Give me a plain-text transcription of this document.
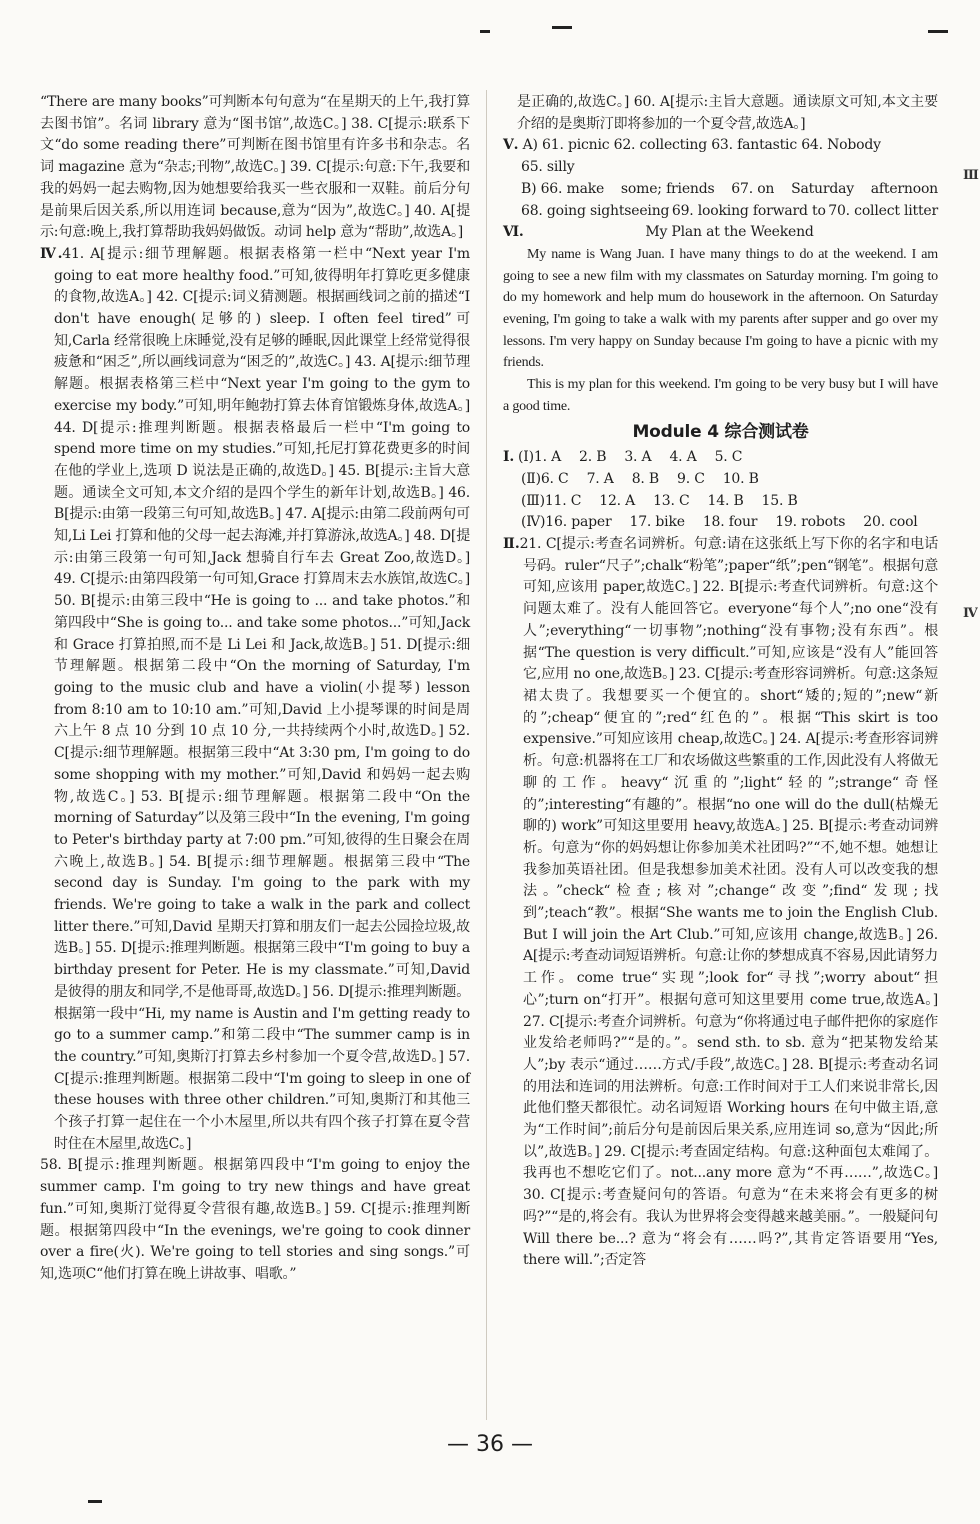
Ⅲ
Ⅳ

“There are many books”可判断本句句意为“在星期天的上午,我打算去图书馆”。名词 library 意为“图书馆”,故选C。] 38. C[提示:联系下文“do some reading there”可判断在图书馆里有许多书和杂志。名词 magazine 意为“杂志;刊物”,故选C。] 39. C[提示:句意:下午,我要和我的妈妈一起去购物,因为她想要给我买一些衣服和一双鞋。前后分句是前果后因关系,所以用连词 because,意为“因为”,故选C。] 40. A[提示:句意:晚上,我打算帮助我妈妈做饭。动词 help 意为“帮助”,故选A。]

Ⅳ.41. A[提示:细节理解题。根据表格第一栏中“Next year I'm going to eat more healthy food.”可知,彼得明年打算吃更多健康的食物,故选A。] 42. C[提示:词义猜测题。根据画线词之前的描述“I don't have enough(足够的) sleep. I often feel tired”可知,Carla 经常很晚上床睡觉,没有足够的睡眠,因此课堂上经常觉得很疲惫和“困乏”,所以画线词意为“困乏的”,故选C。] 43. A[提示:细节理解题。根据表格第三栏中“Next year I'm going to the gym to exercise my body.”可知,明年鲍勃打算去体育馆锻炼身体,故选A。] 44. D[提示:推理判断题。根据表格最后一栏中“I'm going to spend more time on my studies.”可知,托尼打算花费更多的时间在他的学业上,选项 D 说法是正确的,故选D。] 45. B[提示:主旨大意题。通读全文可知,本文介绍的是四个学生的新年计划,故选B。] 46. B[提示:由第一段第三句可知,故选B。] 47. A[提示:由第二段前两句可知,Li Lei 打算和他的父母一起去海滩,并打算游泳,故选A。] 48. D[提示:由第三段第一句可知,Jack 想骑自行车去 Great Zoo,故选D。] 49. C[提示:由第四段第一句可知,Grace 打算周末去水族馆,故选C。] 50. B[提示:由第三段中“He is going to ... and take photos.”和第四段中“She is going to... and take some photos...”可知,Jack 和 Grace 打算拍照,而不是 Li Lei 和 Jack,故选B。] 51. D[提示:细节理解题。根据第二段中“On the morning of Saturday, I'm going to the music club and have a violin(小提琴) lesson from 8:10 am to 10:10 am.”可知,David 上小提琴课的时间是周六上午 8 点 10 分到 10 点 10 分,一共持续两个小时,故选D。] 52. C[提示:细节理解题。根据第三段中“At 3:30 pm, I'm going to do some shopping with my mother.”可知,David 和妈妈一起去购物,故选C。] 53. B[提示:细节理解题。根据第二段中“On the morning of Saturday”以及第三段中“In the evening, I'm going to Peter's birthday party at 7:00 pm.”可知,彼得的生日聚会在周六晚上,故选B。] 54. B[提示:细节理解题。根据第三段中“The second day is Sunday. I'm going to the park with my friends. We're going to take a walk in the park and collect litter there.”可知,David 星期天打算和朋友们一起去公园捡垃圾,故选B。] 55. D[提示:推理判断题。根据第三段中“I'm going to buy a birthday present for Peter. He is my classmate.”可知,David 是彼得的朋友和同学,不是他哥哥,故选D。] 56. D[提示:推理判断题。根据第一段中“Hi, my name is Austin and I'm getting ready to go to a summer camp.”和第二段中“The summer camp is in the country.”可知,奥斯汀打算去乡村参加一个夏令营,故选D。] 57. C[提示:推理判断题。根据第二段中“I'm going to sleep in one of these houses with three other children.”可知,奥斯汀和其他三个孩子打算一起住在一个小木屋里,所以共有四个孩子打算在夏令营时住在木屋里,故选C。]

58. B[提示:推理判断题。根据第四段中“I'm going to enjoy the summer camp. I'm going to try new things and have great fun.”可知,奥斯汀觉得夏令营很有趣,故选B。] 59. C[提示:推理判断题。根据第四段中“In the evenings, we're going to cook dinner over a fire(火). We're going to tell stories and sing songs.”可知,选项C“他们打算在晚上讲故事、唱歌。”

是正确的,故选C。] 60. A[提示:主旨大意题。通读原文可知,本文主要介绍的是奥斯汀即将参加的一个夏令营,故选A。]

Ⅴ. A) 61. picnic 62. collecting 63. fantastic 64. Nobody
65. silly
B) 66. make some; friends 67. on Saturday afternoon
68. going sightseeing 69. looking forward to 70. collect litter
Ⅵ.	My Plan at the Weekend

My name is Wang Juan. I have many things to do at the weekend. I am going to see a new film with my classmates on Saturday morning. I'm going to do my homework and help mum do housework in the afternoon. On Saturday evening, I'm going to take a walk with my parents after supper and go over my lessons. I'm very happy on Sunday because I'm going to have a picnic with my friends.

This is my plan for this weekend. I'm going to be very busy but I will have a good time.

Module 4 综合测试卷
Ⅰ. (Ⅰ)1. A 2. B 3. A 4. A 5. C
(Ⅱ)6. C 7. A 8. B 9. C 10. B
(Ⅲ)11. C 12. A 13. C 14. B 15. B
(Ⅳ)16. paper 17. bike 18. four 19. robots 20. cool

Ⅱ.21. C[提示:考查名词辨析。句意:请在这张纸上写下你的名字和电话号码。ruler“尺子”;chalk“粉笔”;paper“纸”;pen“钢笔”。根据句意可知,应该用 paper,故选C。] 22. B[提示:考查代词辨析。句意:这个问题太难了。没有人能回答它。everyone“每个人”;no one“没有人”;everything“一切事物”;nothing“没有事物;没有东西”。根据“The question is very difficult.”可知,应该是“没有人”能回答它,应用 no one,故选B。] 23. C[提示:考查形容词辨析。句意:这条短裙太贵了。我想要买一个便宜的。short“矮的;短的”;new“新的”;cheap“便宜的”;red“红色的”。根据“This skirt is too expensive.”可知应该用 cheap,故选C。] 24. A[提示:考查形容词辨析。句意:机器将在工厂和农场做这些繁重的工作,因此没有人将做无聊的工作。heavy“沉重的”;light“轻的”;strange“奇怪的”;interesting“有趣的”。根据“no one will do the dull(枯燥无聊的) work”可知这里要用 heavy,故选A。] 25. B[提示:考查动词辨析。句意为“你的妈妈想让你参加美术社团吗?”“不,她不想。她想让我参加英语社团。但是我想参加美术社团。没有人可以改变我的想法。”check“检查;核对”;change“改变”;find“发现;找到”;teach“教”。根据“She wants me to join the English Club. But I will join the Art Club.”可知,应该用 change,故选B。] 26. A[提示:考查动词短语辨析。句意:让你的梦想成真不容易,因此请努力工作。come true“实现”;look for“寻找”;worry about“担心”;turn on“打开”。根据句意可知这里要用 come true,故选A。] 27. C[提示:考查介词辨析。句意为“你将通过电子邮件把你的家庭作业发给老师吗?”“是的。”。send sth. to sb. 意为“把某物发给某人”;by 表示“通过……方式/手段”,故选C。] 28. B[提示:考查动名词的用法和连词的用法辨析。句意:工作时间对于工人们来说非常长,因此他们整天都很忙。动名词短语 Working hours 在句中做主语,意为“工作时间”;前后分句是前因后果关系,应用连词 so,意为“因此;所以”,故选B。] 29. C[提示:考查固定结构。句意:这种面包太难闻了。我再也不想吃它们了。not...any more 意为“不再……”,故选C。] 30. C[提示:考查疑问句的答语。句意为“在未来将会有更多的树吗?”“是的,将会有。我认为世界将会变得越来越美丽。”。一般疑问句 Will there be...? 意为“将会有……吗?”,其肯定答语要用“Yes, there will.”;否定答

— 36 —
